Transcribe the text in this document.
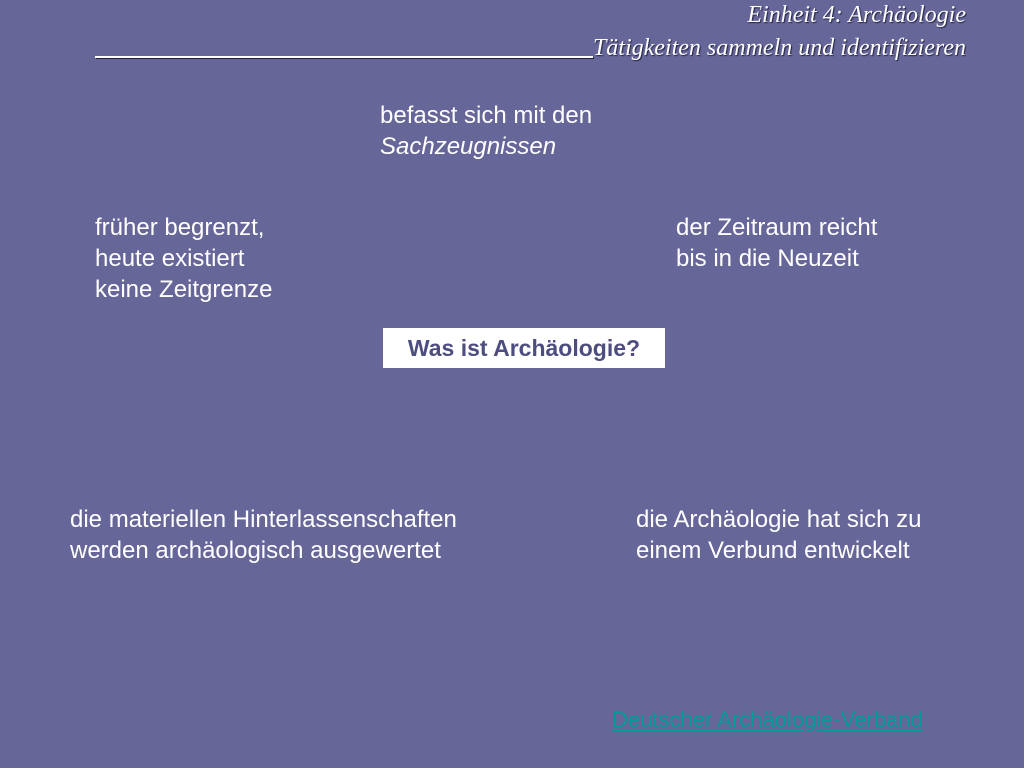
Einheit 4: Archäologie
Tätigkeiten sammeln und identifizieren
befasst sich mit den
Sachzeugnissen
früher begrenzt,
heute existiert
keine Zeitgrenze
der Zeitraum reicht
bis in die Neuzeit
Was ist Archäologie?
die materiellen Hinterlassenschaften
werden archäologisch ausgewertet
die Archäologie hat sich zu
einem Verbund entwickelt
Deutscher Archäologie-Verband
